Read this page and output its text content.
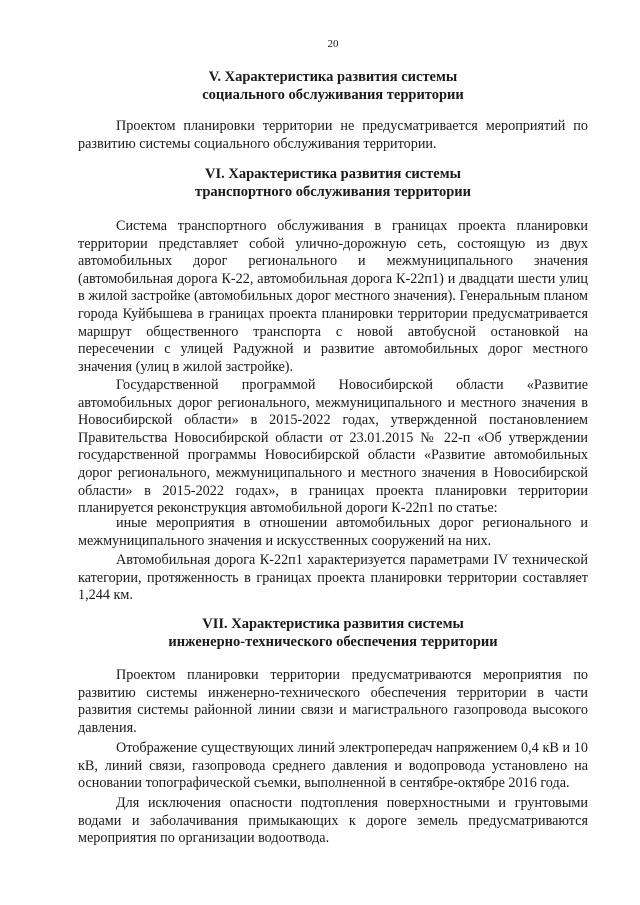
20
V. Характеристика развития системы
социального обслуживания территории

Проектом планировки территории не предусматривается мероприятий по развитию системы социального обслуживания территории.

VI. Характеристика развития системы
транспортного обслуживания территории

Система транспортного обслуживания в границах проекта планировки территории представляет собой улично-дорожную сеть, состоящую из двух автомобильных дорог регионального и межмуниципального значения (автомобильная дорога К-22, автомобильная дорога К-22п1) и двадцати шести улиц в жилой застройке (автомобильных дорог местного значения). Генеральным планом города Куйбышева в границах проекта планировки территории предусматривается маршрут общественного транспорта с новой автобусной остановкой на пересечении с улицей Радужной и развитие автомобильных дорог местного значения (улиц в жилой застройке).

Государственной программой Новосибирской области «Развитие автомобильных дорог регионального, межмуниципального и местного значения в Новосибирской области» в 2015-2022 годах, утвержденной постановлением Правительства Новосибирской области от 23.01.2015 № 22-п «Об утверждении государственной программы Новосибирской области «Развитие автомобильных дорог регионального, межмуниципального и местного значения в Новосибирской области» в 2015-2022 годах», в границах проекта планировки территории планируется реконструкция автомобильной дороги К-22п1 по статье:

иные мероприятия в отношении автомобильных дорог регионального и межмуниципального значения и искусственных сооружений на них.

Автомобильная дорога К-22п1 характеризуется параметрами IV технической категории, протяженность в границах проекта планировки территории составляет 1,244 км.

VII. Характеристика развития системы
инженерно-технического обеспечения территории

Проектом планировки территории предусматриваются мероприятия по развитию системы инженерно-технического обеспечения территории в части развития системы районной линии связи и магистрального газопровода высокого давления.

Отображение существующих линий электропередач напряжением 0,4 кВ и 10 кВ, линий связи, газопровода среднего давления и водопровода установлено на основании топографической съемки, выполненной в сентябре-октябре 2016 года.

Для исключения опасности подтопления поверхностными и грунтовыми водами и заболачивания примыкающих к дороге земель предусматриваются мероприятия по организации водоотвода.
